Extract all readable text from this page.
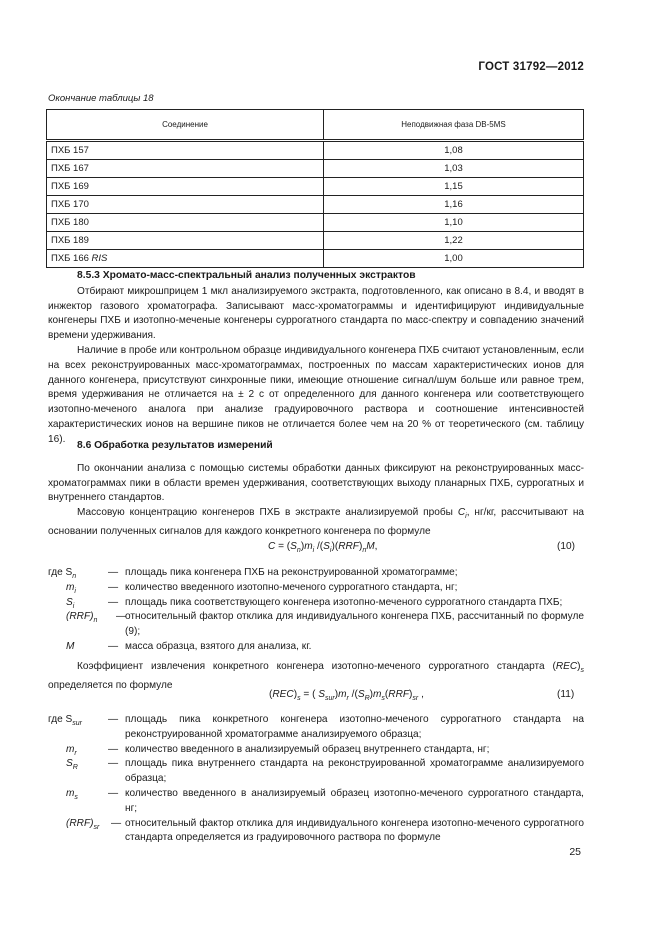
ГОСТ 31792—2012
Окончание таблицы 18
Соединение	Неподвижная фаза DB-5MS
ПХБ 157	1,08
ПХБ 167	1,03
ПХБ 169	1,15
ПХБ 170	1,16
ПХБ 180	1,10
ПХБ 189	1,22
ПХБ 166 RIS	1,00

8.5.3 Хромато-масс-спектральный анализ полученных экстрактов

Отбирают микрошприцем 1 мкл анализируемого экстракта, подготовленного, как описано в 8.4, и вводят в инжектор газового хроматографа. Записывают масс-хроматограммы и идентифицируют индивидуальные конгенеры ПХБ и изотопно-меченые конгенеры суррогатного стандарта по масс-спектру и совпадению значений времени удерживания.

Наличие в пробе или контрольном образце индивидуального конгенера ПХБ считают установленным, если на всех реконструированных масс-хроматограммах, построенных по массам характеристических ионов для данного конгенера, присутствуют синхронные пики, имеющие отношение сигнал/шум больше или равное трем, время удерживания не отличается на ± 2 с от определенного для данного конгенера или соответствующего изотопно-меченого аналога при анализе градуировочного раствора и соотношение интенсивностей характеристических ионов на вершине пиков не отличается более чем на 20 % от теоретического (см. таблицу 16).

8.6 Обработка результатов измерений

По окончании анализа с помощью системы обработки данных фиксируют на реконструированных масс-хроматограммах пики в области времен удерживания, соответствующих выходу планарных ПХБ, суррогатных и внутреннего стандартов.

Массовую концентрацию конгенеров ПХБ в экстракте анализируемой пробы $C_i$, нг/кг, рассчитывают на основании полученных сигналов для каждого конкретного конгенера по формуле

$C = (S_n)m_i$ $/(S_i)(RRF)_nM$,	(10)
где $S_n$	— площадь пика конгенера ПХБ на реконструированной хроматограмме;
$m_i$	— количество введенного изотопно-меченого суррогатного стандарта, нг;
$S_i$	— площадь пика соответствующего конгенера изотопно-меченого суррогатного стандарта ПХБ;
$(RRF)_n$	—
относительный фактор отклика для индивидуального конгенера ПХБ, рассчитанный по формуле (9);
M	— масса образца, взятого для анализа, кг.

Коэффициент извлечения конкретного конгенера изотопно-меченого суррогатного стандарта $(REC)_s$ определяется по формуле

$(REC)_s$ = ( $S_{sur})m_r$ $/(S_R)m_s(RRF)_{sr}$ ,	(11)
где $S_{sur}$	— площадь пика конкретного конгенера изотопно-меченого суррогатного стандарта на реконструированной хроматограмме анализируемого образца;
$m_r$	— количество введенного в анализируемый образец внутреннего стандарта, нг;
$S_R$	— площадь пика внутреннего стандарта на реконструированной хроматограмме анализируемого образца;
$m_s$	— количество введенного в анализируемый образец изотопно-меченого суррогатного стандарта, нг;
$(RRF)_{sr}$	— относительный фактор отклика для индивидуального конгенера изотопно-меченого суррогатного стандарта определяется из градуировочного раствора по формуле
25
